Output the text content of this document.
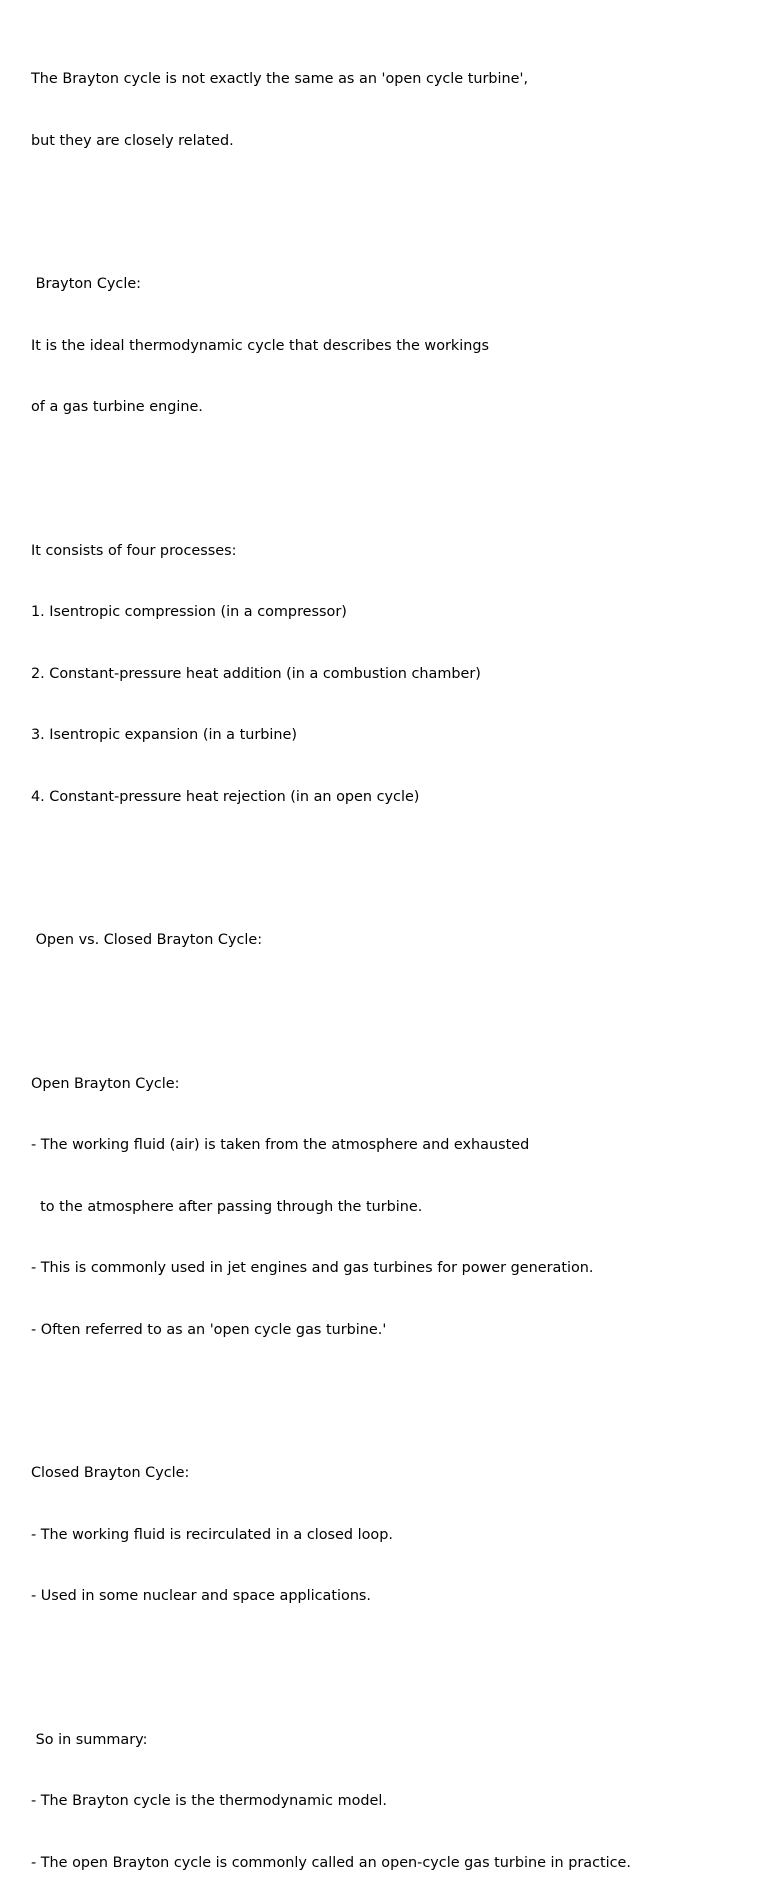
The Brayton cycle is not exactly the same as an 'open cycle turbine',

but they are closely related.

Brayton Cycle:

It is the ideal thermodynamic cycle that describes the workings

of a gas turbine engine.

It consists of four processes:

1. Isentropic compression (in a compressor)

2. Constant-pressure heat addition (in a combustion chamber)

3. Isentropic expansion (in a turbine)

4. Constant-pressure heat rejection (in an open cycle)

Open vs. Closed Brayton Cycle:

Open Brayton Cycle:

- The working fluid (air) is taken from the atmosphere and exhausted

to the atmosphere after passing through the turbine.

- This is commonly used in jet engines and gas turbines for power generation.

- Often referred to as an 'open cycle gas turbine.'

Closed Brayton Cycle:

- The working fluid is recirculated in a closed loop.

- Used in some nuclear and space applications.

So in summary:

- The Brayton cycle is the thermodynamic model.

- The open Brayton cycle is commonly called an open-cycle gas turbine in practice.
